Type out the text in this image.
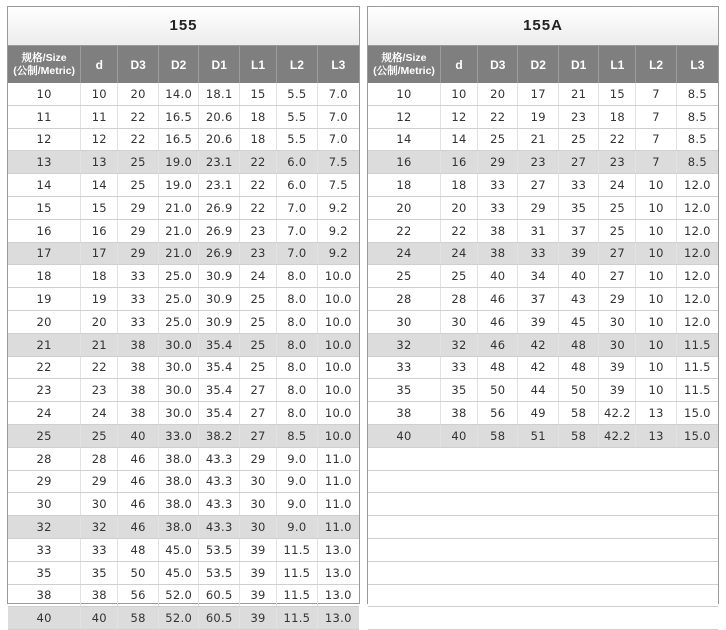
155
规格/Size
(公制/Metric)	d	D3	D2	D1	L1	L2	L3
10	10	20	14.0	18.1	15	5.5	7.0
11	11	22	16.5	20.6	18	5.5	7.0
12	12	22	16.5	20.6	18	5.5	7.0
13	13	25	19.0	23.1	22	6.0	7.5
14	14	25	19.0	23.1	22	6.0	7.5
15	15	29	21.0	26.9	22	7.0	9.2
16	16	29	21.0	26.9	23	7.0	9.2
17	17	29	21.0	26.9	23	7.0	9.2
18	18	33	25.0	30.9	24	8.0	10.0
19	19	33	25.0	30.9	25	8.0	10.0
20	20	33	25.0	30.9	25	8.0	10.0
21	21	38	30.0	35.4	25	8.0	10.0
22	22	38	30.0	35.4	25	8.0	10.0
23	23	38	30.0	35.4	27	8.0	10.0
24	24	38	30.0	35.4	27	8.0	10.0
25	25	40	33.0	38.2	27	8.5	10.0
28	28	46	38.0	43.3	29	9.0	11.0
29	29	46	38.0	43.3	30	9.0	11.0
30	30	46	38.0	43.3	30	9.0	11.0
32	32	46	38.0	43.3	30	9.0	11.0
33	33	48	45.0	53.5	39	11.5	13.0
35	35	50	45.0	53.5	39	11.5	13.0
38	38	56	52.0	60.5	39	11.5	13.0
40	40	58	52.0	60.5	39	11.5	13.0
155A
规格/Size
(公制/Metric)	d	D3	D2	D1	L1	L2	L3
10	10	20	17	21	15	7	8.5
12	12	22	19	23	18	7	8.5
14	14	25	21	25	22	7	8.5
16	16	29	23	27	23	7	8.5
18	18	33	27	33	24	10	12.0
20	20	33	29	35	25	10	12.0
22	22	38	31	37	25	10	12.0
24	24	38	33	39	27	10	12.0
25	25	40	34	40	27	10	12.0
28	28	46	37	43	29	10	12.0
30	30	46	39	45	30	10	12.0
32	32	46	42	48	30	10	11.5
33	33	48	42	48	39	10	11.5
35	35	50	44	50	39	10	11.5
38	38	56	49	58	42.2	13	15.0
40	40	58	51	58	42.2	13	15.0
